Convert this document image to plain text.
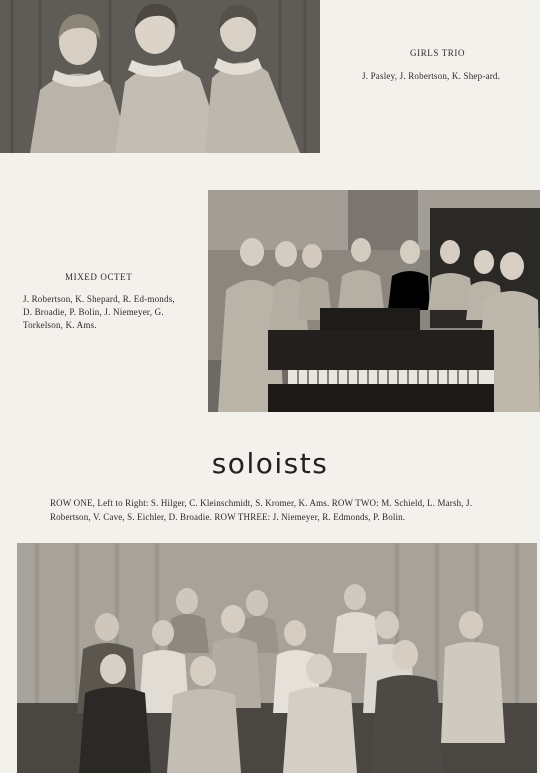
GIRLS TRIO

J. Pasley, J. Robertson, K. Shep-ard.

MIXED OCTET

J. Robertson, K. Shepard, R. Ed-monds, D. Broadie, P. Bolin, J. Niemeyer, G. Torkelson, K. Ams.

soloists

ROW ONE, Left to Right: S. Hilger, C. Kleinschmidt, S. Kromer, K. Ams. ROW TWO: M. Schield, L. Marsh, J. Robertson, V. Cave, S. Eichler, D. Broadie. ROW THREE: J. Niemeyer, R. Edmonds, P. Bolin.
